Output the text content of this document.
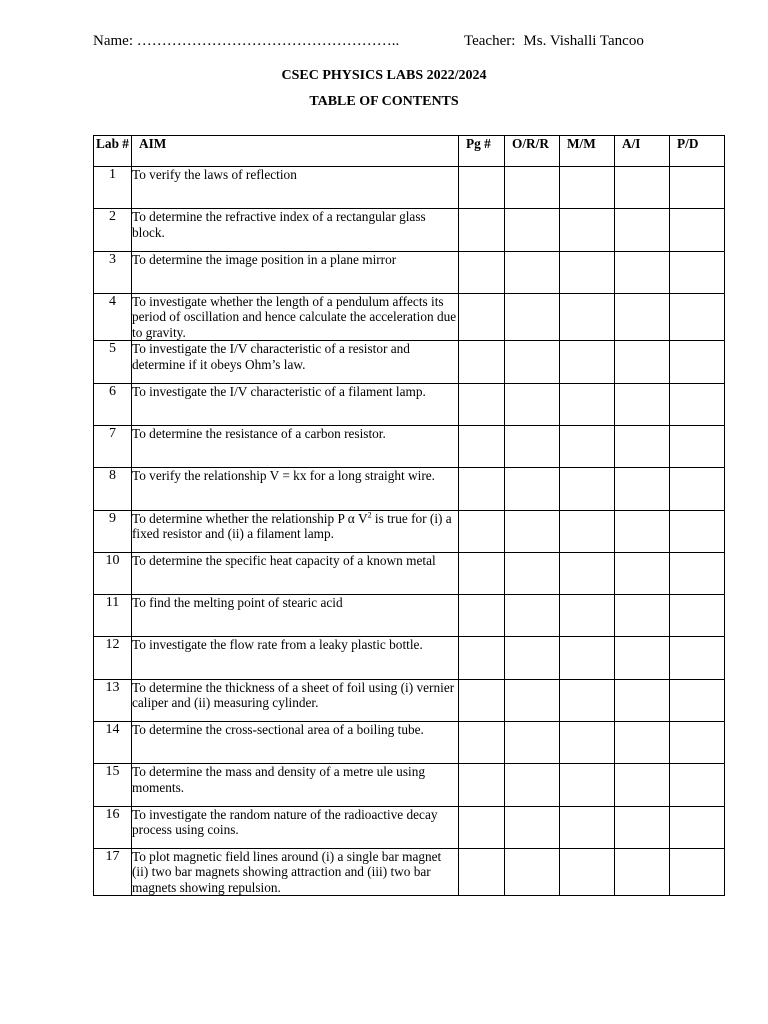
Name: ……………………………………………..	Teacher: Ms. Vishalli Tancoo
CSEC PHYSICS LABS 2022/2024
TABLE OF CONTENTS
Lab #	AIM	Pg #	O/R/R	M/M	A/I	P/D
1	To verify the laws of reflection					
2	To determine the refractive index of a rectangular glass block.					
3	To determine the image position in a plane mirror					
4	To investigate whether the length of a pendulum affects its period of oscillation and hence calculate the acceleration due to gravity.					
5	To investigate the I/V characteristic of a resistor and determine if it obeys Ohm’s law.					
6	To investigate the I/V characteristic of a filament lamp.					
7	To determine the resistance of a carbon resistor.					
8	To verify the relationship V = kx for a long straight wire.					
9	To determine whether the relationship P α $V^2$ is true for (i) a fixed resistor and (ii) a filament lamp.					
10	To determine the specific heat capacity of a known metal					
11	To find the melting point of stearic acid					
12	To investigate the flow rate from a leaky plastic bottle.					
13	To determine the thickness of a sheet of foil using (i) vernier caliper and (ii) measuring cylinder.					
14	To determine the cross-sectional area of a boiling tube.					
15	To determine the mass and density of a metre ule using moments.					
16	To investigate the random nature of the radioactive decay process using coins.					
17	To plot magnetic field lines around (i) a single bar magnet (ii) two bar magnets showing attraction and (iii) two bar magnets showing repulsion.					
